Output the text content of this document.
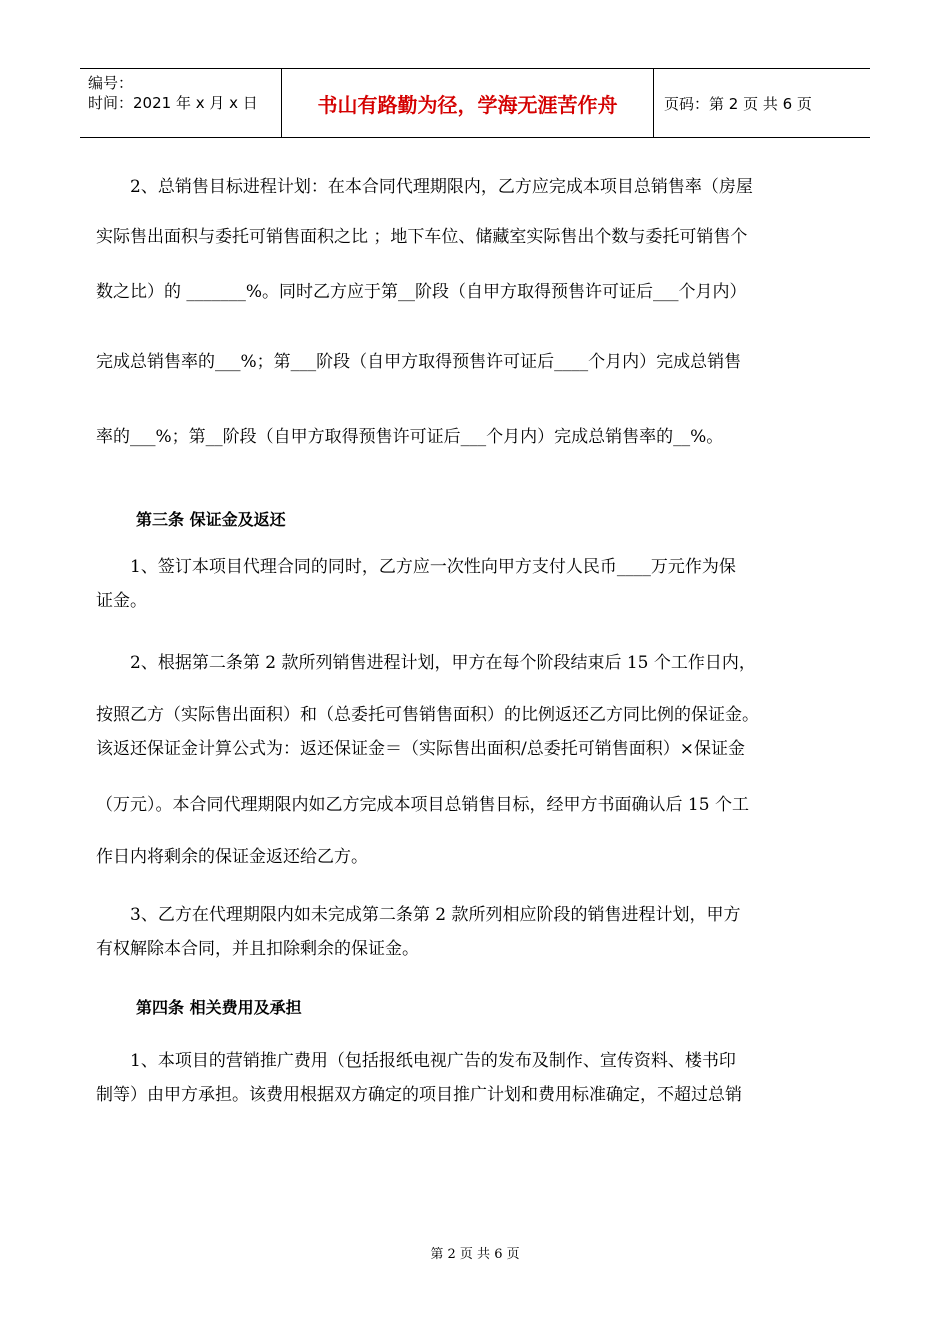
编号：
时间：2021 年 x 月 x 日	书山有路勤为径，学海无涯苦作舟	页码：第 2 页 共 6 页

2、总销售目标进程计划：在本合同代理期限内，乙方应完成本项目总销售率（房屋

实际售出面积与委托可销售面积之比 ；地下车位、储藏室实际售出个数与委托可销售个

数之比）的 _______%。同时乙方应于第__阶段（自甲方取得预售许可证后___个月内）

完成总销售率的___%；第___阶段（自甲方取得预售许可证后____个月内）完成总销售

率的___%；第__阶段（自甲方取得预售许可证后___个月内）完成总销售率的__%。

第三条 保证金及返还

1、签订本项目代理合同的同时，乙方应一次性向甲方支付人民币____万元作为保

证金。

2、根据第二条第 2 款所列销售进程计划，甲方在每个阶段结束后 15 个工作日内，

按照乙方（实际售出面积）和（总委托可售销售面积）的比例返还乙方同比例的保证金。

该返还保证金计算公式为：返还保证金＝（实际售出面积/总委托可销售面积）×保证金

（万元）。本合同代理期限内如乙方完成本项目总销售目标，经甲方书面确认后 15 个工

作日内将剩余的保证金返还给乙方。

3、乙方在代理期限内如未完成第二条第 2 款所列相应阶段的销售进程计划，甲方

有权解除本合同，并且扣除剩余的保证金。

第四条 相关费用及承担

1、本项目的营销推广费用（包括报纸电视广告的发布及制作、宣传资料、楼书印

制等）由甲方承担。该费用根据双方确定的项目推广计划和费用标准确定，不超过总销

第 2 页 共 6 页
